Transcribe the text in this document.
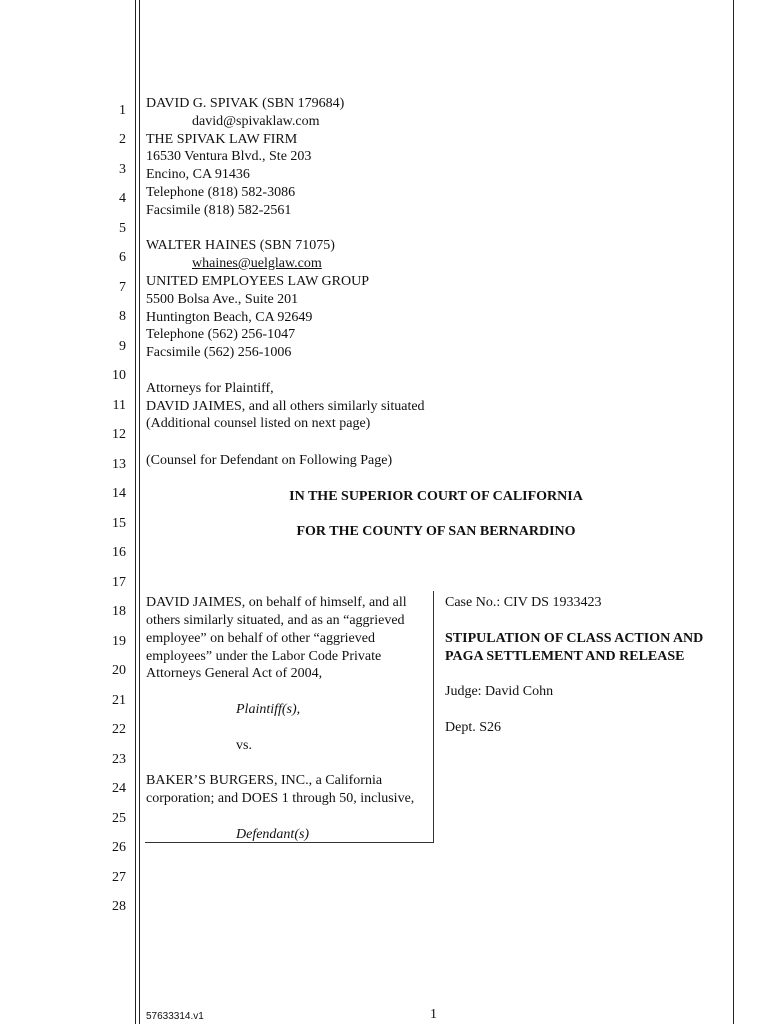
1
2
3
4
5
6
7
8
9
10
11
12
13
14
15
16
17
18
19
20
21
22
23
24
25
26
27
28
DAVID G. SPIVAK (SBN 179684)
david@spivaklaw.com
THE SPIVAK LAW FIRM
16530 Ventura Blvd., Ste 203
Encino, CA 91436
Telephone (818) 582-3086
Facsimile (818) 582-2561
WALTER HAINES (SBN 71075)
whaines@uelglaw.com
UNITED EMPLOYEES LAW GROUP
5500 Bolsa Ave., Suite 201
Huntington Beach, CA 92649
Telephone (562) 256-1047
Facsimile (562) 256-1006
Attorneys for Plaintiff,
DAVID JAIMES, and all others similarly situated
(Additional counsel listed on next page)
(Counsel for Defendant on Following Page)
IN THE SUPERIOR COURT OF CALIFORNIA
FOR THE COUNTY OF SAN BERNARDINO
DAVID JAIMES, on behalf of himself, and all
others similarly situated, and as an “aggrieved
employee” on behalf of other “aggrieved
employees” under the Labor Code Private
Attorneys General Act of 2004,
Plaintiff(s),
vs.
BAKER’S BURGERS, INC., a California
corporation; and DOES 1 through 50, inclusive,
Defendant(s)
Case No.: CIV DS 1933423
STIPULATION OF CLASS ACTION AND
PAGA SETTLEMENT AND RELEASE
Judge: David Cohn
Dept. S26
57633314.v1	1
